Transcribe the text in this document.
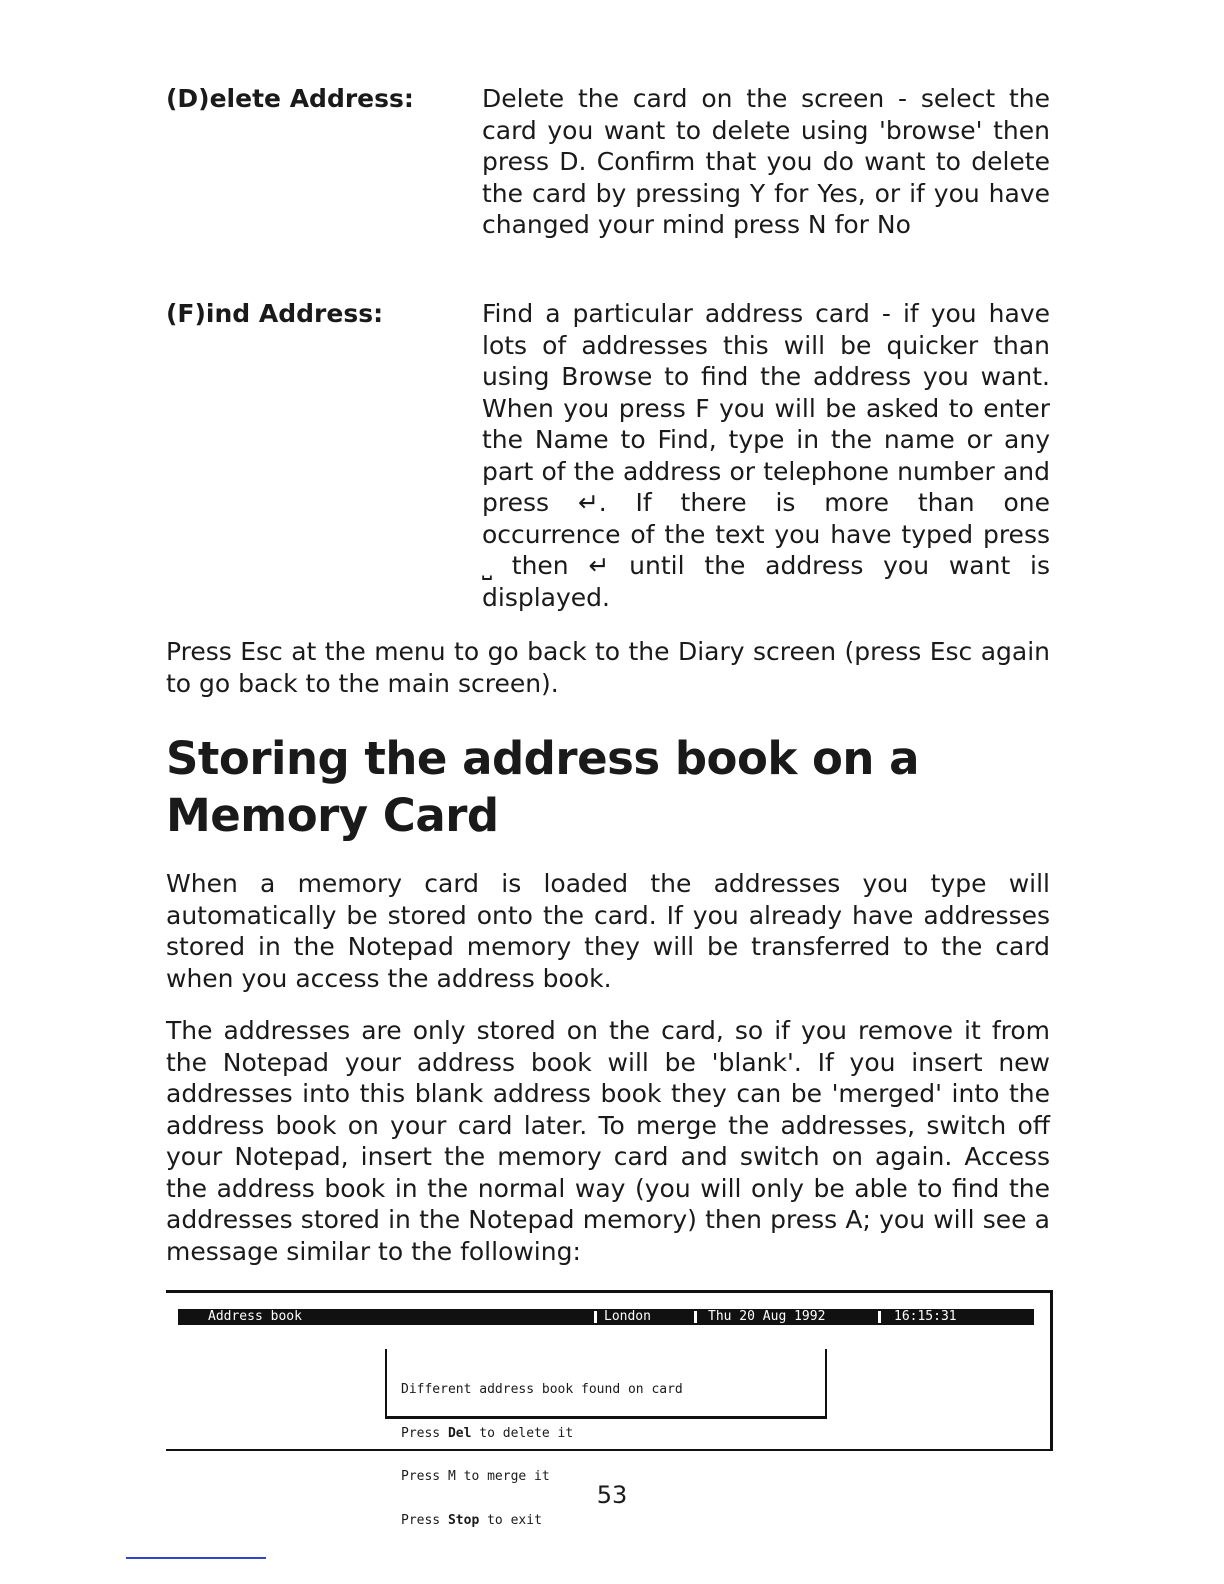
(D)elete Address:	Delete the card on the screen - select the card you want to delete using 'browse' then press D. Confirm that you do want to delete the card by pressing Y for Yes, or if you have changed your mind press N for No
(F)ind Address:	Find a particular address card - if you have lots of addresses this will be quicker than using Browse to find the address you want. When you press F you will be asked to enter the Name to Find, type in the name or any part of the address or telephone number and press ↵. If there is more than one occurrence of the text you have typed press ⎵ then ↵ until the address you want is displayed.
Press Esc at the menu to go back to the Diary screen (press Esc again to go back to the main screen).
Storing the address book on a
Memory Card
When a memory card is loaded the addresses you type will automatically be stored onto the card. If you already have addresses stored in the Notepad memory they will be transferred to the card when you access the address book.
The addresses are only stored on the card, so if you remove it from the Notepad your address book will be 'blank'. If you insert new addresses into this blank address book they can be 'merged' into the address book on your card later. To merge the addresses, switch off your Notepad, insert the memory card and switch on again. Access the address book in the normal way (you will only be able to find the addresses stored in the Notepad memory) then press A; you will see a message similar to the following:

Address book

	London

	Thu 20 Aug 1992

	16:15:31

Different address book found on card

Press Del to delete it

Press M to merge it

Press Stop to exit

53
